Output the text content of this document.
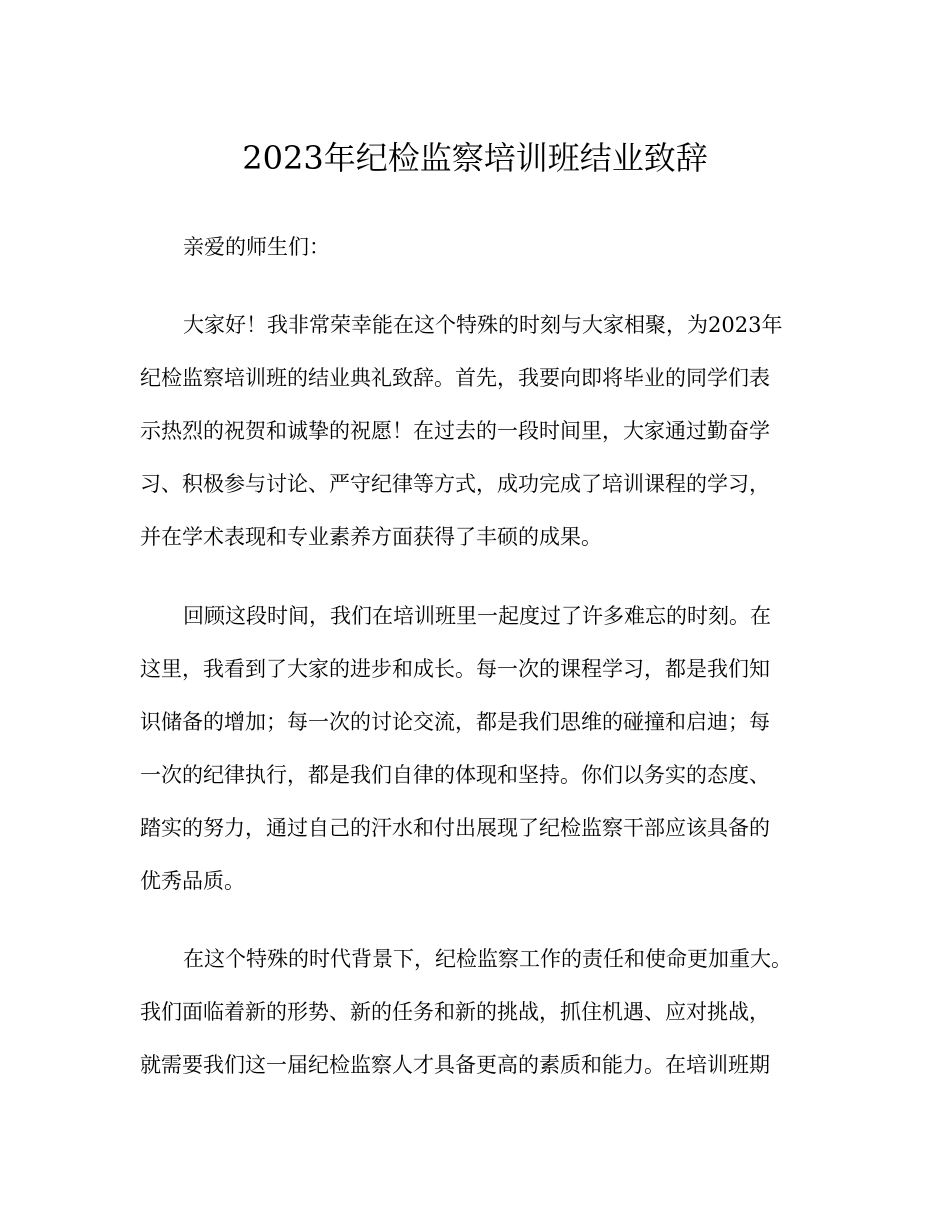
2023年纪检监察培训班结业致辞
亲爱的师生们：
大家好！我非常荣幸能在这个特殊的时刻与大家相聚，为2023年
纪检监察培训班的结业典礼致辞。首先，我要向即将毕业的同学们表
示热烈的祝贺和诚挚的祝愿！在过去的一段时间里，大家通过勤奋学
习、积极参与讨论、严守纪律等方式，成功完成了培训课程的学习，
并在学术表现和专业素养方面获得了丰硕的成果。
回顾这段时间，我们在培训班里一起度过了许多难忘的时刻。在
这里，我看到了大家的进步和成长。每一次的课程学习，都是我们知
识储备的增加；每一次的讨论交流，都是我们思维的碰撞和启迪；每
一次的纪律执行，都是我们自律的体现和坚持。你们以务实的态度、
踏实的努力，通过自己的汗水和付出展现了纪检监察干部应该具备的
优秀品质。
在这个特殊的时代背景下，纪检监察工作的责任和使命更加重大。
我们面临着新的形势、新的任务和新的挑战，抓住机遇、应对挑战，
就需要我们这一届纪检监察人才具备更高的素质和能力。在培训班期
